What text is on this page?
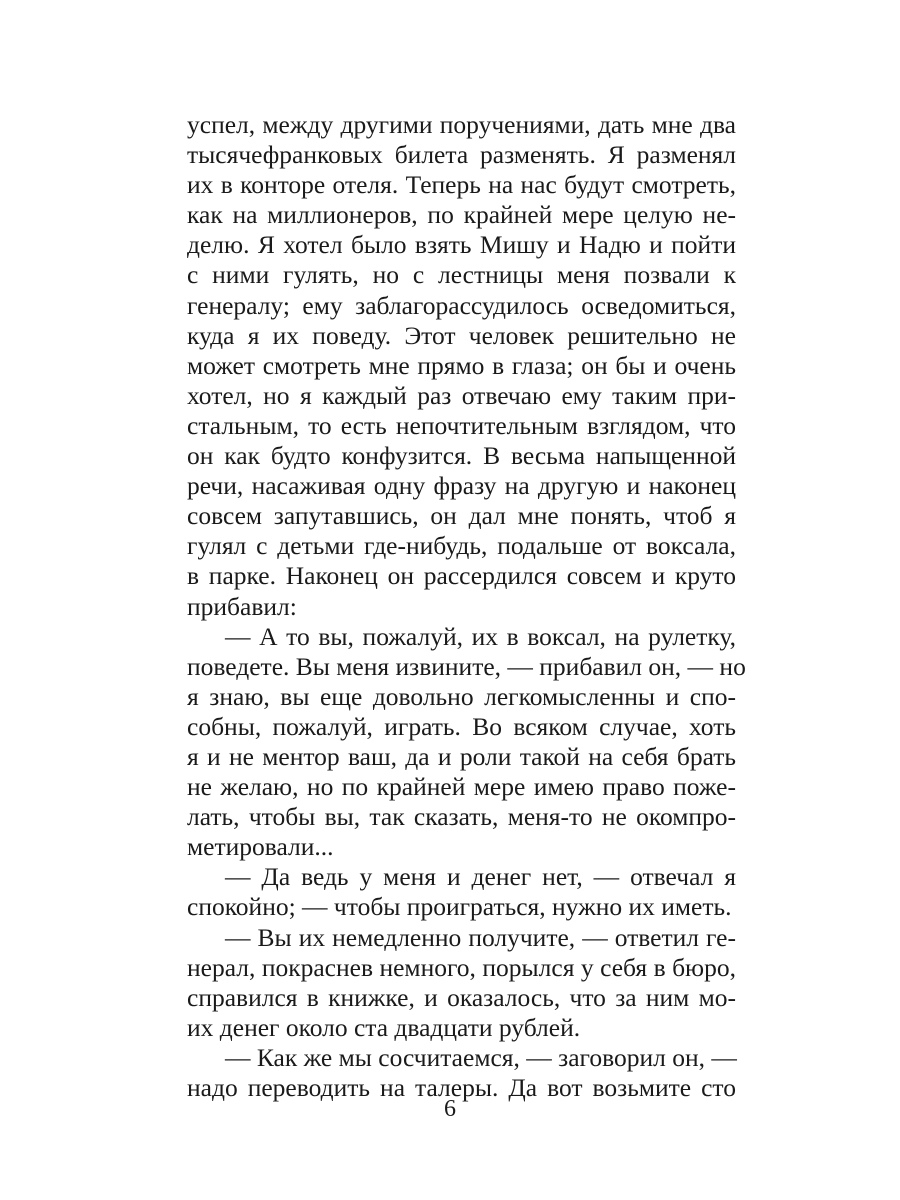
успел, между другими поручениями, дать мне два
тысячефранковых билета разменять. Я разменял
их в конторе отеля. Теперь на нас будут смотреть,
как на миллионеров, по крайней мере целую не-
делю. Я хотел было взять Мишу и Надю и пойти
с ними гулять, но с лестницы меня позвали к
генералу; ему заблагорассудилось осведомиться,
куда я их поведу. Этот человек решительно не
может смотреть мне прямо в глаза; он бы и очень
хотел, но я каждый раз отвечаю ему таким при-
стальным, то есть непочтительным взглядом, что
он как будто конфузится. В весьма напыщенной
речи, насаживая одну фразу на другую и наконец
совсем запутавшись, он дал мне понять, чтоб я
гулял с детьми где-нибудь, подальше от воксала,
в парке. Наконец он рассердился совсем и круто
прибавил:
— А то вы, пожалуй, их в воксал, на рулетку,
поведете. Вы меня извините, — прибавил он, — но
я знаю, вы еще довольно легкомысленны и спо-
собны, пожалуй, играть. Во всяком случае, хоть
я и не ментор ваш, да и роли такой на себя брать
не желаю, но по крайней мере имею право поже-
лать, чтобы вы, так сказать, меня-то не окомпро-
метировали...
— Да ведь у меня и денег нет, — отвечал я
спокойно; — чтобы проиграться, нужно их иметь.
— Вы их немедленно получите, — ответил ге-
нерал, покраснев немного, порылся у себя в бюро,
справился в книжке, и оказалось, что за ним мо-
их денег около ста двадцати рублей.
— Как же мы сосчитаемся, — заговорил он, —
надо переводить на талеры. Да вот возьмите сто
6
